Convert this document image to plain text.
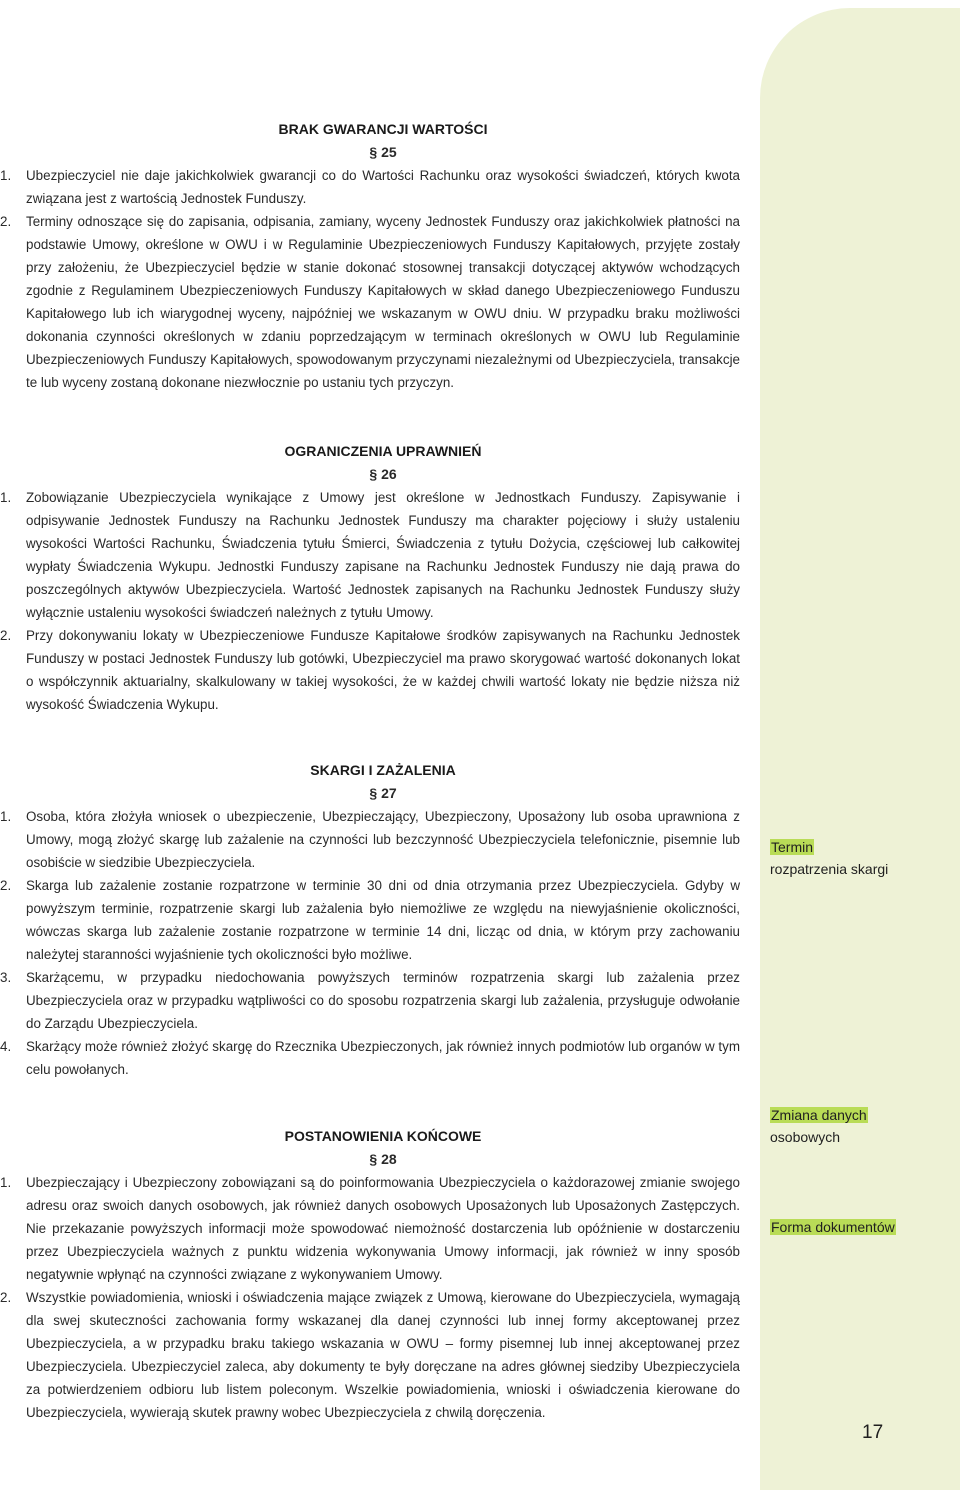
BRAK GWARANCJI WARTOŚCI

§ 25

1. Ubezpieczyciel nie daje jakichkolwiek gwarancji co do Wartości Rachunku oraz wysokości świadczeń, których kwota związana jest z wartością Jednostek Funduszy.
2. Terminy odnoszące się do zapisania, odpisania, zamiany, wyceny Jednostek Funduszy oraz jakichkolwiek płatności na podstawie Umowy, określone w OWU i w Regulaminie Ubezpieczeniowych Funduszy Kapitałowych, przyjęte zostały przy założeniu, że Ubezpieczyciel będzie w stanie dokonać stosownej transakcji dotyczącej aktywów wchodzących zgodnie z Regulaminem Ubezpieczeniowych Funduszy Kapitałowych w skład danego Ubezpieczeniowego Funduszu Kapitałowego lub ich wiarygodnej wyceny, najpóźniej we wskazanym w OWU dniu. W przypadku braku możliwości dokonania czynności określonych w zdaniu poprzedzającym w terminach określonych w OWU lub Regulaminie Ubezpieczeniowych Funduszy Kapitałowych, spowodowanym przyczynami niezależnymi od Ubezpieczyciela, transakcje te lub wyceny zostaną dokonane niezwłocznie po ustaniu tych przyczyn.

OGRANICZENIA UPRAWNIEŃ

§ 26

1. Zobowiązanie Ubezpieczyciela wynikające z Umowy jest określone w Jednostkach Funduszy. Zapisywanie i odpisywanie Jednostek Funduszy na Rachunku Jednostek Funduszy ma charakter pojęciowy i służy ustaleniu wysokości Wartości Rachunku, Świadczenia tytułu Śmierci, Świadczenia z tytułu Dożycia, częściowej lub całkowitej wypłaty Świadczenia Wykupu. Jednostki Funduszy zapisane na Rachunku Jednostek Funduszy nie dają prawa do poszczególnych aktywów Ubezpieczyciela. Wartość Jednostek zapisanych na Rachunku Jednostek Funduszy służy wyłącznie ustaleniu wysokości świadczeń należnych z tytułu Umowy.
2. Przy dokonywaniu lokaty w Ubezpieczeniowe Fundusze Kapitałowe środków zapisywanych na Rachunku Jednostek Funduszy w postaci Jednostek Funduszy lub gotówki, Ubezpieczyciel ma prawo skorygować wartość dokonanych lokat o współczynnik aktuarialny, skalkulowany w takiej wysokości, że w każdej chwili wartość lokaty nie będzie niższa niż wysokość Świadczenia Wykupu.

SKARGI I ZAŻALENIA

§ 27

1. Osoba, która złożyła wniosek o ubezpieczenie, Ubezpieczający, Ubezpieczony, Uposażony lub osoba uprawniona z Umowy, mogą złożyć skargę lub zażalenie na czynności lub bezczynność Ubezpieczyciela telefonicznie, pisemnie lub osobiście w siedzibie Ubezpieczyciela.
2. Skarga lub zażalenie zostanie rozpatrzone w terminie 30 dni od dnia otrzymania przez Ubezpieczyciela. Gdyby w powyższym terminie, rozpatrzenie skargi lub zażalenia było niemożliwe ze względu na niewyjaśnienie okoliczności, wówczas skarga lub zażalenie zostanie rozpatrzone w terminie 14 dni, licząc od dnia, w którym przy zachowaniu należytej staranności wyjaśnienie tych okoliczności było możliwe.
3. Skarżącemu, w przypadku niedochowania powyższych terminów rozpatrzenia skargi lub zażalenia przez Ubezpieczyciela oraz w przypadku wątpliwości co do sposobu rozpatrzenia skargi lub zażalenia, przysługuje odwołanie do Zarządu Ubezpieczyciela.
4. Skarżący może również złożyć skargę do Rzecznika Ubezpieczonych, jak również innych podmiotów lub organów w tym celu powołanych.

POSTANOWIENIA KOŃCOWE

§ 28

1. Ubezpieczający i Ubezpieczony zobowiązani są do poinformowania Ubezpieczyciela o każdorazowej zmianie swojego adresu oraz swoich danych osobowych, jak również danych osobowych Uposażonych lub Uposażonych Zastępczych. Nie przekazanie powyższych informacji może spowodować niemożność dostarczenia lub opóźnienie w dostarczeniu przez Ubezpieczyciela ważnych z punktu widzenia wykonywania Umowy informacji, jak również w inny sposób negatywnie wpłynąć na czynności związane z wykonywaniem Umowy.
2. Wszystkie powiadomienia, wnioski i oświadczenia mające związek z Umową, kierowane do Ubezpieczyciela, wymagają dla swej skuteczności zachowania formy wskazanej dla danej czynności lub innej formy akceptowanej przez Ubezpieczyciela, a w przypadku braku takiego wskazania w OWU – formy pisemnej lub innej akceptowanej przez Ubezpieczyciela. Ubezpieczyciel zaleca, aby dokumenty te były doręczane na adres głównej siedziby Ubezpieczyciela za potwierdzeniem odbioru lub listem poleconym. Wszelkie powiadomienia, wnioski i oświadczenia kierowane do Ubezpieczyciela, wywierają skutek prawny wobec Ubezpieczyciela z chwilą doręczenia.
Termin
rozpatrzenia skargi
Zmiana danych
osobowych
Forma dokumentów
17
